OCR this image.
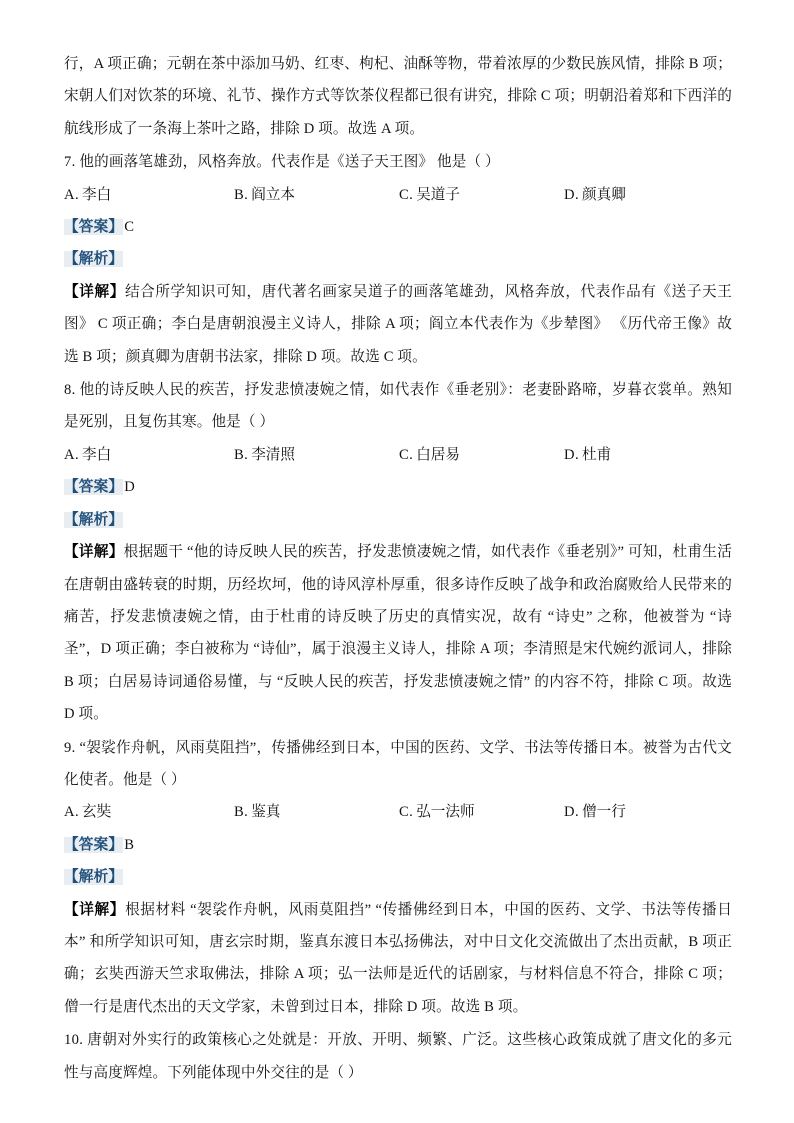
行，A 项正确；元朝在茶中添加马奶、红枣、枸杞、油酥等物，带着浓厚的少数民族风情，排除 B 项；宋朝人们对饮茶的环境、礼节、操作方式等饮茶仪程都已很有讲究，排除 C 项；明朝沿着郑和下西洋的航线形成了一条海上茶叶之路，排除 D 项。故选 A 项。

7. 他的画落笔雄劲，风格奔放。代表作是《送子天王图》 他是（ ）

A. 李白	B. 阎立本	C. 吴道子	D. 颜真卿

【答案】C

【解析】

【详解】结合所学知识可知，唐代著名画家吴道子的画落笔雄劲，风格奔放，代表作品有《送子天王图》 C 项正确；李白是唐朝浪漫主义诗人，排除 A 项；阎立本代表作为《步辇图》 《历代帝王像》故选 B 项；颜真卿为唐朝书法家，排除 D 项。故选 C 项。

8. 他的诗反映人民的疾苦，抒发悲愤凄婉之情，如代表作《垂老别》：老妻卧路啼，岁暮衣裳单。熟知是死别，且复伤其寒。他是（ ）

A. 李白	B. 李清照	C. 白居易	D. 杜甫

【答案】D

【解析】

【详解】根据题干 “他的诗反映人民的疾苦，抒发悲愤凄婉之情，如代表作《垂老别》” 可知，杜甫生活在唐朝由盛转衰的时期，历经坎坷，他的诗风淳朴厚重，很多诗作反映了战争和政治腐败给人民带来的痛苦，抒发悲愤凄婉之情，由于杜甫的诗反映了历史的真情实况，故有 “诗史” 之称，他被誉为 “诗圣”，D 项正确；李白被称为 “诗仙”，属于浪漫主义诗人，排除 A 项；李清照是宋代婉约派词人，排除 B 项；白居易诗词通俗易懂，与 “反映人民的疾苦，抒发悲愤凄婉之情” 的内容不符，排除 C 项。故选 D 项。

9. “袈裟作舟帆，风雨莫阻挡”，传播佛经到日本，中国的医药、文学、书法等传播日本。被誉为古代文化使者。他是（ ）

A. 玄奘	B. 鉴真	C. 弘一法师	D. 僧一行

【答案】B

【解析】

【详解】根据材料 “袈裟作舟帆，风雨莫阻挡” “传播佛经到日本，中国的医药、文学、书法等传播日本” 和所学知识可知，唐玄宗时期，鉴真东渡日本弘扬佛法，对中日文化交流做出了杰出贡献，B 项正确；玄奘西游天竺求取佛法，排除 A 项；弘一法师是近代的话剧家，与材料信息不符合，排除 C 项；僧一行是唐代杰出的天文学家，未曾到过日本，排除 D 项。故选 B 项。

10. 唐朝对外实行的政策核心之处就是：开放、开明、频繁、广泛。这些核心政策成就了唐文化的多元性与高度辉煌。下列能体现中外交往的是（ ）
